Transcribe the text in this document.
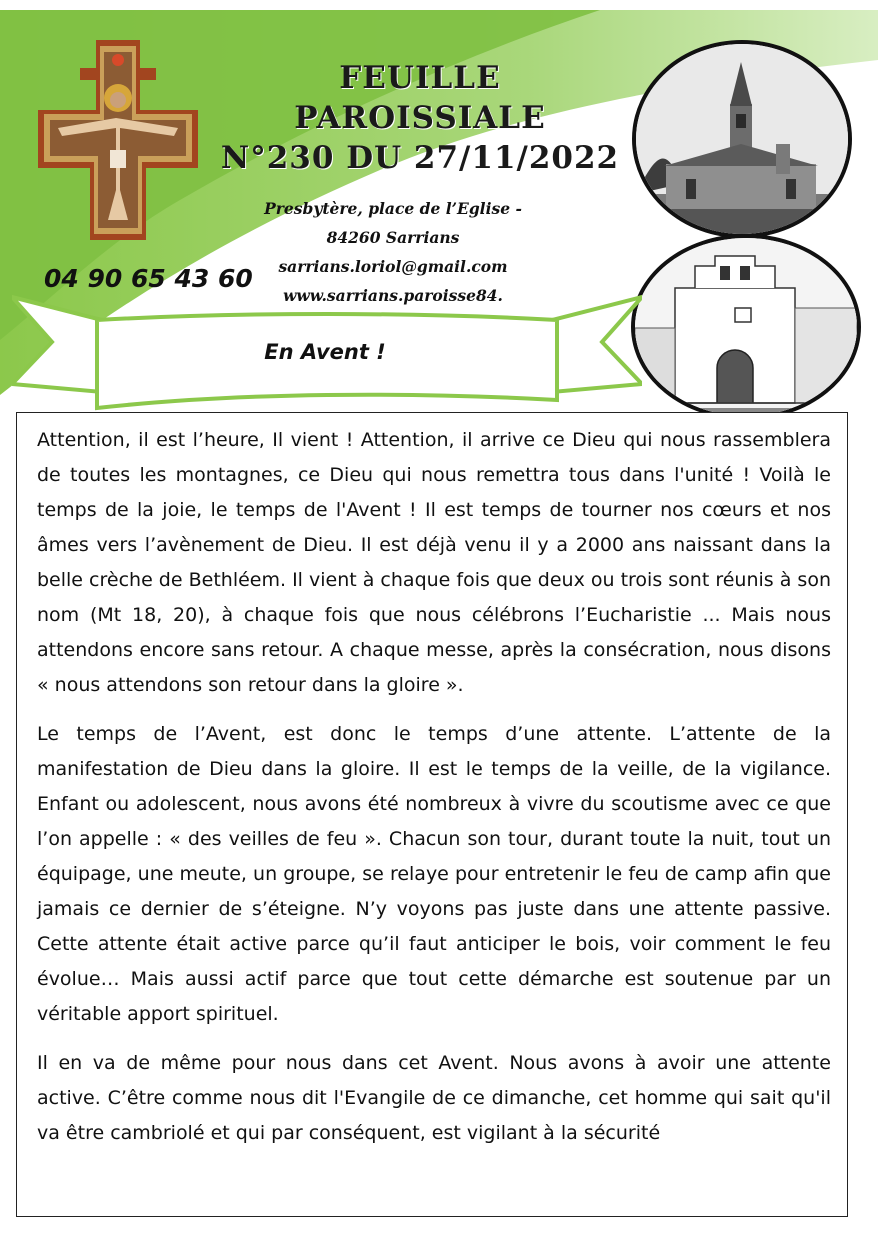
FEUILLE PAROISSIALE
N°230 DU 27/11/2022
Presbytère, place de l’Eglise -
84260 Sarrians
sarrians.loriol@gmail.com
www.sarrians.paroisse84.
04 90 65 43 60
En Avent !

Attention, il est l’heure, Il vient ! Attention, il arrive ce Dieu qui nous rassemblera de toutes les montagnes, ce Dieu qui nous remettra tous dans l'unité ! Voilà le temps de la joie, le temps de l'Avent ! Il est temps de tourner nos cœurs et nos âmes vers l’avènement de Dieu. Il est déjà venu il y a 2000 ans naissant dans la belle crèche de Bethléem. Il vient à chaque fois que deux ou trois sont réunis à son nom (Mt 18, 20), à chaque fois que nous célébrons l’Eucharistie ... Mais nous attendons encore sans retour. A chaque messe, après la consécration, nous disons « nous attendons son retour dans la gloire ».

Le temps de l’Avent, est donc le temps d’une attente. L’attente de la manifestation de Dieu dans la gloire. Il est le temps de la veille, de la vigilance. Enfant ou adolescent, nous avons été nombreux à vivre du scoutisme avec ce que l’on appelle : « des veilles de feu ». Chacun son tour, durant toute la nuit, tout un équipage, une meute, un groupe, se relaye pour entretenir le feu de camp afin que jamais ce dernier de s’éteigne. N’y voyons pas juste dans une attente passive. Cette attente était active parce qu’il faut anticiper le bois, voir comment le feu évolue… Mais aussi actif parce que tout cette démarche est soutenue par un véritable apport spirituel.

Il en va de même pour nous dans cet Avent. Nous avons à avoir une attente active. C’être comme nous dit l'Evangile de ce dimanche, cet homme qui sait qu'il va être cambriolé et qui par conséquent, est vigilant à la sécurité
